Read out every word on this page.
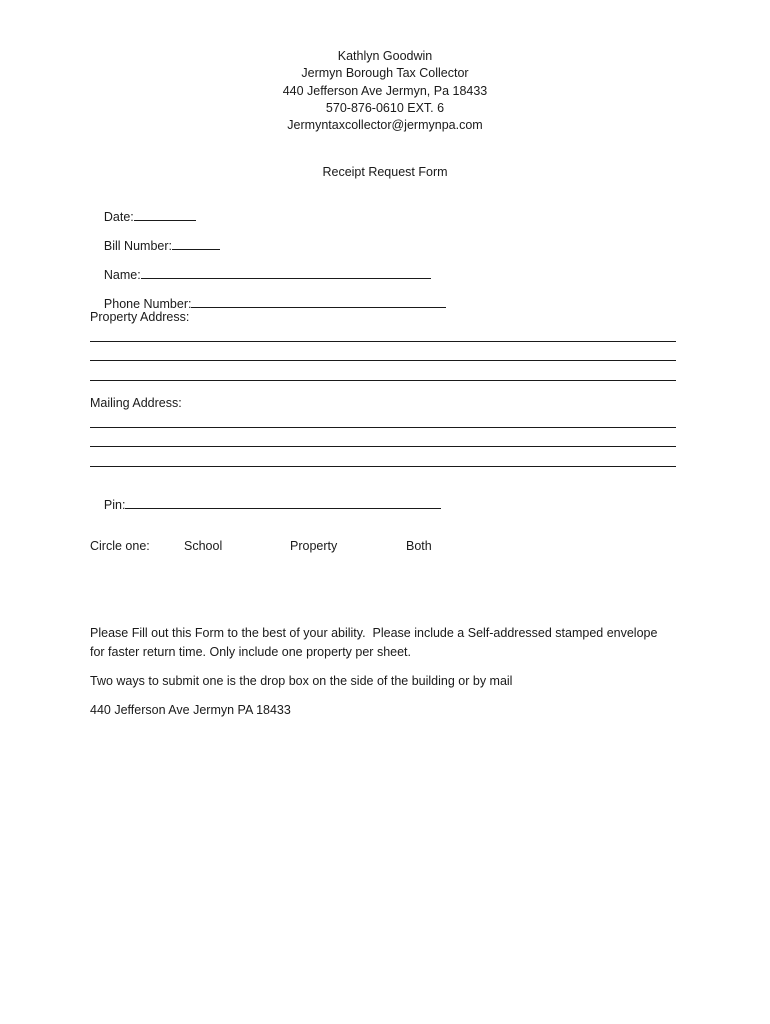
Kathlyn Goodwin
Jermyn Borough Tax Collector
440 Jefferson Ave Jermyn, Pa 18433
570-876-0610 EXT. 6
Jermyntaxcollector@jermynpa.com
Receipt Request Form

Date:

Bill Number:

Name:

Phone Number:

Property Address:
Mailing Address:

Pin:

Circle one:	School	Property	Both
Please Fill out this Form to the best of your ability.  Please include a Self-addressed stamped envelope
for faster return time. Only include one property per sheet.
Two ways to submit one is the drop box on the side of the building or by mail
440 Jefferson Ave Jermyn PA 18433
